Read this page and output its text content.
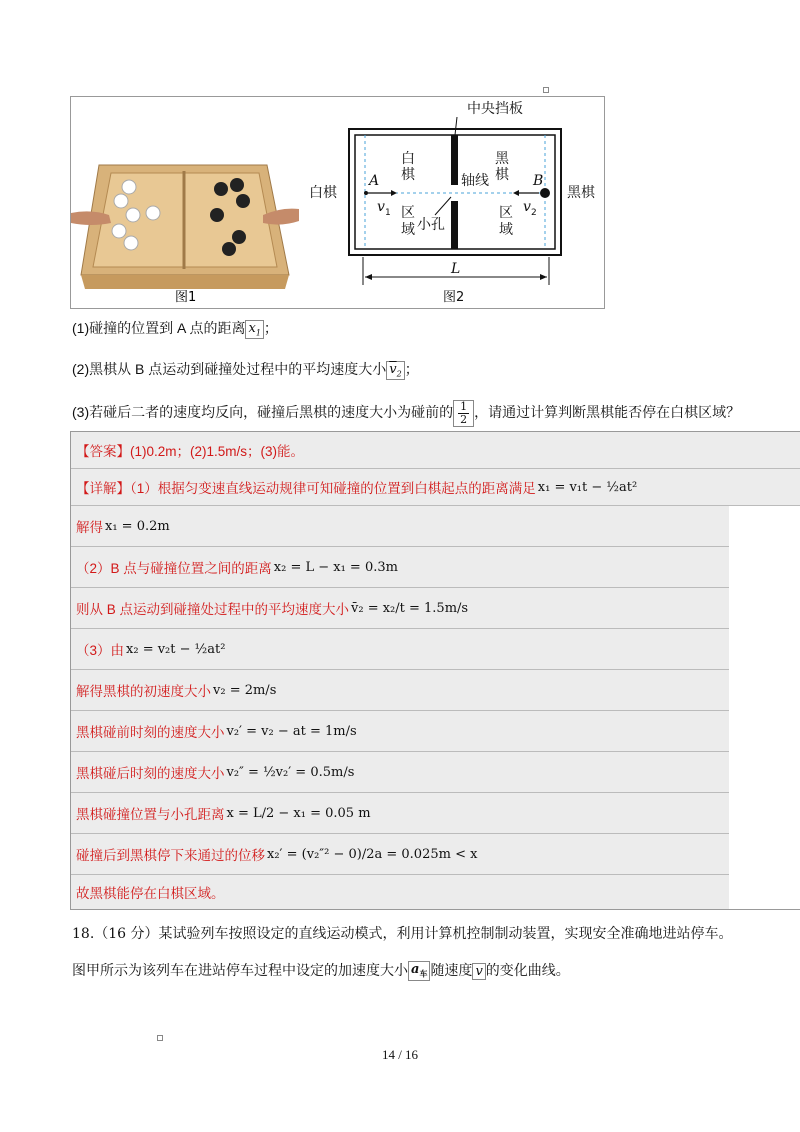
图1
中央挡板
白棋	黑棋
白
棋
黑
棋
轴线
小孔
区
域
区
域
A	B
v 1	v 2
L
图2
(1)碰撞的位置到 A 点的距离 $x_1$ ；
(2)黑棋从 B 点运动到碰撞处过程中的平均速度大小 $\overline{v}_2$ ；
(3)若碰后二者的速度均反向，碰撞后黑棋的速度大小为碰前的 $\frac{1}{2}$ ，请通过计算判断黑棋能否停在白棋区域？
【答案】(1)0.2m；(2)1.5m/s；(3)能。
【详解】（1）根据匀变速直线运动规律可知碰撞的位置到白棋起点的距离满足 x₁ = v₁t − ½at²
解得 x₁ = 0.2m
（2）B 点与碰撞位置之间的距离 x₂ = L − x₁ = 0.3m
则从 B 点运动到碰撞处过程中的平均速度大小 v̄₂ = x₂/t = 1.5m/s
（3）由 x₂ = v₂t − ½at²
解得黑棋的初速度大小 v₂ = 2m/s
黑棋碰前时刻的速度大小 v₂′ = v₂ − at = 1m/s
黑棋碰后时刻的速度大小 v₂″ = ½v₂′ = 0.5m/s
黑棋碰撞位置与小孔距离 x = L/2 − x₁ = 0.05 m
碰撞后到黑棋停下来通过的位移 x₂′ = (v₂″² − 0)/2a = 0.025m < x
故黑棋能停在白棋区域。
18.（16 分）某试验列车按照设定的直线运动模式，利用计算机控制制动装置，实现安全准确地进站停车。
图甲所示为该列车在进站停车过程中设定的加速度大小 $a_车$ 随速度 v 的变化曲线。
14 / 16
